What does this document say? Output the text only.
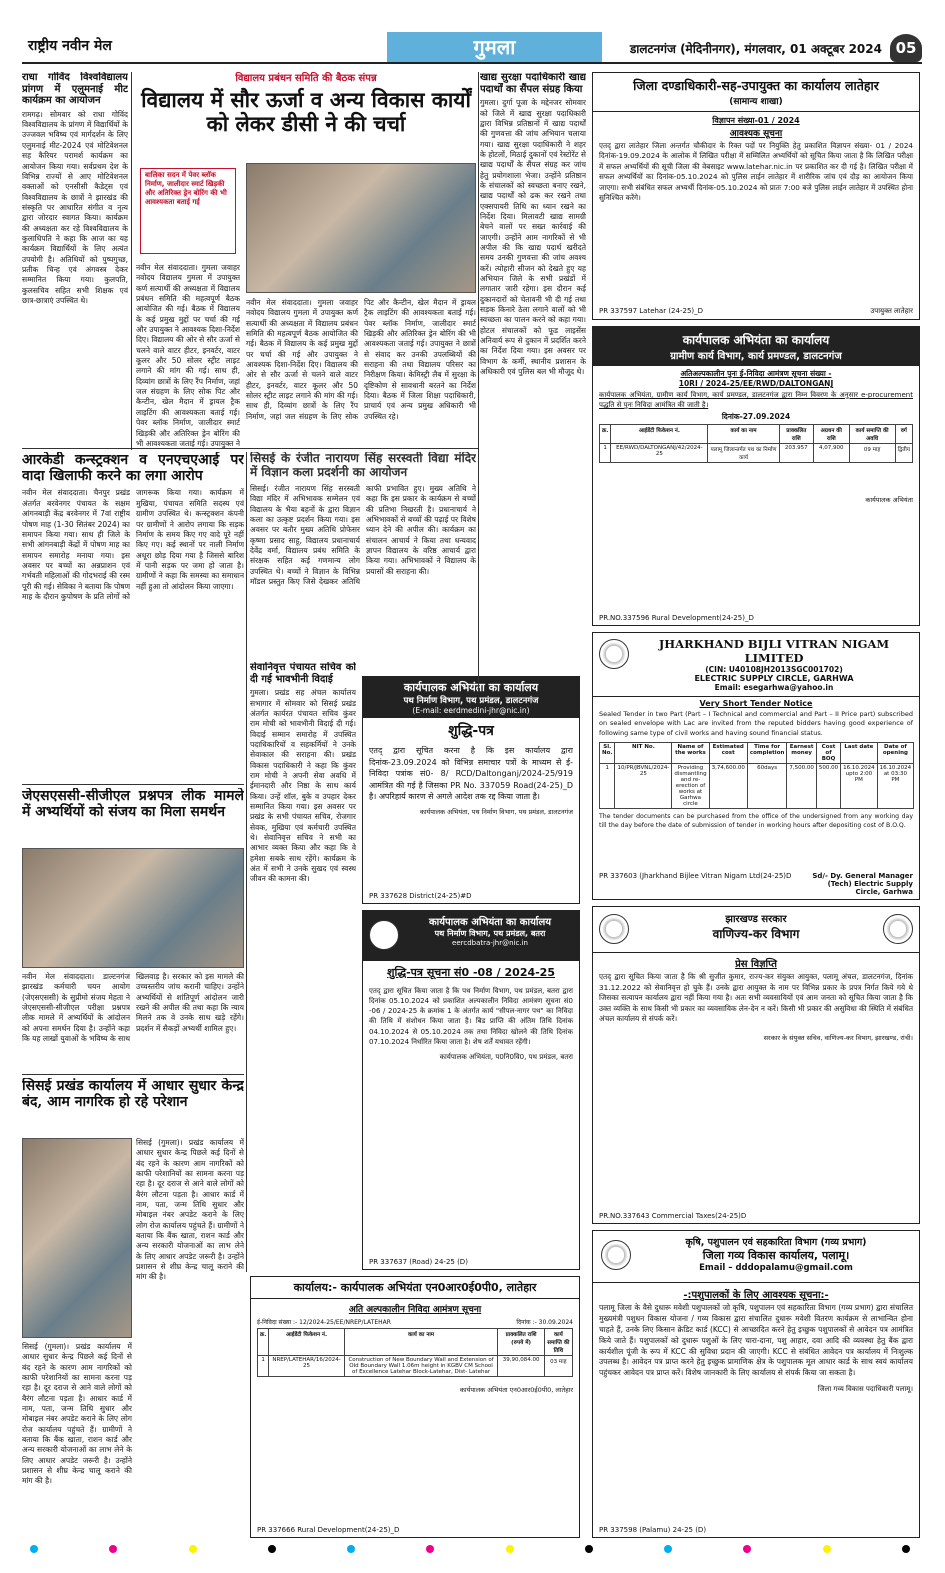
राष्ट्रीय नवीन मेल	गुमला	डालटनगंज (मेदिनीनगर), मंगलवार, 01 अक्टूबर 2024 05
राधा गोविंद विश्वविद्यालय प्रांगण में एलुमनाई मीट कार्यक्रम का आयोजन
रामगढ़। सोमवार को राधा गोविंद विश्वविद्यालय के प्रांगण में विद्यार्थियों के उज्जवल भविष्य एवं मार्गदर्शन के लिए एलुमनाई मीट-2024 एवं मोटिवेशनल सह कैरियर परामर्श कार्यक्रम का आयोजन किया गया। सर्वप्रथम देश के विभिन्न राज्यों से आए मोटिवेशनल वक्ताओं को एनसीसी कैडेट्स एवं विश्वविद्यालय के छात्रों ने झारखंड की संस्कृति पर आधारित संगीत व नृत्य द्वारा जोरदार स्वागत किया। कार्यक्रम की अध्यक्षता कर रहे विश्वविद्यालय के कुलाधिपति ने कहा कि आज का यह कार्यक्रम विद्यार्थियों के लिए अत्यंत उपयोगी है। अतिथियों को पुष्पगुच्छ, प्रतीक चिन्ह एवं अंगवस्त्र देकर सम्मानित किया गया। कुलपति, कुलसचिव सहित सभी शिक्षक एवं छात्र-छात्राएं उपस्थित थे।
विद्यालय प्रबंधन समिति की बैठक संपन्न
विद्यालय में सौर ऊर्जा व अन्य विकास कार्यों को लेकर डीसी ने की चर्चा
नवीन मेल संवाददाता। गुमला जवाहर नवोदय विद्यालय गुमला में उपायुक्त कर्ण सत्यार्थी की अध्यक्षता में विद्यालय प्रबंधन समिति की महत्वपूर्ण बैठक आयोजित की गई। बैठक में विद्यालय के कई प्रमुख मुद्दों पर चर्चा की गई और उपायुक्त ने आवश्यक दिशा-निर्देश दिए। विद्यालय की ओर से सौर ऊर्जा से चलने वाले वाटर हीटर, इनवर्टर, वाटर कूलर और 50 सोलर स्ट्रीट लाइट लगाने की मांग की गई। साथ ही, दिव्यांग छात्रों के लिए रैंप निर्माण, जहां जल संग्रहण के लिए सोक पिट और कैन्टीन, खेल मैदान में ड्रायल ट्रैक लाइटिंग की आवश्यकता बताई गई। पेवर ब्लॉक निर्माण, जालीदार स्मार्ट खिड़की और अतिरिक्त ड्रेन बोरिंग की भी आवश्यकता जताई गई। उपायुक्त ने
बालिका सदन में पेवर ब्लॉक निर्माण, जालीदार स्मार्ट खिड़की और अतिरिक्त ड्रेन बोरिंग की भी आवश्यकता बताई गई
नवीन मेल संवाददाता। गुमला जवाहर नवोदय विद्यालय गुमला में उपायुक्त कर्ण सत्यार्थी की अध्यक्षता में विद्यालय प्रबंधन समिति की महत्वपूर्ण बैठक आयोजित की गई। बैठक में विद्यालय के कई प्रमुख मुद्दों पर चर्चा की गई और उपायुक्त ने आवश्यक दिशा-निर्देश दिए। विद्यालय की ओर से सौर ऊर्जा से चलने वाले वाटर हीटर, इनवर्टर, वाटर कूलर और 50 सोलर स्ट्रीट लाइट लगाने की मांग की गई। साथ ही, दिव्यांग छात्रों के लिए रैंप निर्माण, जहां जल संग्रहण के लिए सोक पिट और कैन्टीन, खेल मैदान में ड्रायल ट्रैक लाइटिंग की आवश्यकता बताई गई। पेवर ब्लॉक निर्माण, जालीदार स्मार्ट खिड़की और अतिरिक्त ड्रेन बोरिंग की भी आवश्यकता जताई गई। उपायुक्त ने छात्रों से संवाद कर उनकी उपलब्धियों की सराहना की तथा विद्यालय परिसर का निरीक्षण किया। केमिस्ट्री लैब में सुरक्षा के दृष्टिकोण से सावधानी बरतने का निर्देश दिया। बैठक में जिला शिक्षा पदाधिकारी, प्राचार्य एवं अन्य प्रमुख अधिकारी भी उपस्थित रहे।
खाद्य सुरक्षा पदाधिकारी खाद्य पदार्थों का सैंपल संग्रह किया
गुमला। दुर्गा पूजा के मद्देनजर सोमवार को जिले में खाद्य सुरक्षा पदाधिकारी द्वारा विभिन्न प्रतिष्ठानों में खाद्य पदार्थों की गुणवत्ता की जांच अभियान चलाया गया। खाद्य सुरक्षा पदाधिकारी ने शहर के होटलों, मिठाई दुकानों एवं रेस्टोरेंट से खाद्य पदार्थों के सैंपल संग्रह कर जांच हेतु प्रयोगशाला भेजा। उन्होंने प्रतिष्ठान के संचालकों को स्वच्छता बनाए रखने, खाद्य पदार्थों को ढक कर रखने तथा एक्सपायरी तिथि का ध्यान रखने का निर्देश दिया। मिलावटी खाद्य सामग्री बेचने वालों पर सख्त कार्रवाई की जाएगी। उन्होंने आम नागरिकों से भी अपील की कि खाद्य पदार्थ खरीदते समय उनकी गुणवत्ता की जांच अवश्य करें। त्योहारी सीजन को देखते हुए यह अभियान जिले के सभी प्रखंडों में लगातार जारी रहेगा। इस दौरान कई दुकानदारों को चेतावनी भी दी गई तथा सड़क किनारे ठेला लगाने वालों को भी स्वच्छता का पालन करने को कहा गया। होटल संचालकों को फूड लाइसेंस अनिवार्य रूप से दुकान में प्रदर्शित करने का निर्देश दिया गया। इस अवसर पर विभाग के कर्मी, स्थानीय प्रशासन के अधिकारी एवं पुलिस बल भी मौजूद थे।
आरकेडी कन्स्ट्रक्शन व एनएचएआई पर वादा खिलाफी करने का लगा आरोप
नवीन मेल संवाददाता। चैनपुर प्रखंड अंतर्गत बरवेनगर पंचायत के सक्षम आंगनबाड़ी केंद्र बरवेनगर में 7वां राष्ट्रीय पोषण माह (1-30 सितंबर 2024) का समापन किया गया। साथ ही जिले के सभी आंगनबाड़ी केंद्रों में पोषण माह का समापन समारोह मनाया गया। इस अवसर पर बच्चों का अन्नप्राशन एवं गर्भवती महिलाओं की गोदभराई की रस्म पूरी की गई। सेविका ने बताया कि पोषण माह के दौरान कुपोषण के प्रति लोगों को जागरूक किया गया। कार्यक्रम में मुखिया, पंचायत समिति सदस्य एवं ग्रामीण उपस्थित थे। कन्स्ट्रक्शन कंपनी पर ग्रामीणों ने आरोप लगाया कि सड़क निर्माण के समय किए गए वादे पूरे नहीं किए गए। कई स्थानों पर नाली निर्माण अधूरा छोड़ दिया गया है जिससे बारिश में पानी सड़क पर जमा हो जाता है। ग्रामीणों ने कहा कि समस्या का समाधान नहीं हुआ तो आंदोलन किया जाएगा।
सिसई के रंजीत नारायण सिंह सरस्वती विद्या मंदिर में विज्ञान कला प्रदर्शनी का आयोजन
सिसई। रंजीत नारायण सिंह सरस्वती विद्या मंदिर में अभिभावक सम्मेलन एवं विद्यालय के भैया बहनों के द्वारा विज्ञान कला का उत्कृष्ट प्रदर्शन किया गया। इस अवसर पर बतौर मुख्य अतिथि प्रोफेसर कृष्णा प्रसाद साहू, विद्यालय प्रधानाचार्य देवेंद्र वर्मा, विद्यालय प्रबंध समिति के संरक्षक सहित कई गणमान्य लोग उपस्थित थे। बच्चों ने विज्ञान के विभिन्न मॉडल प्रस्तुत किए जिसे देखकर अतिथि काफी प्रभावित हुए। मुख्य अतिथि ने कहा कि इस प्रकार के कार्यक्रम से बच्चों की प्रतिभा निखरती है। प्रधानाचार्य ने अभिभावकों से बच्चों की पढ़ाई पर विशेष ध्यान देने की अपील की। कार्यक्रम का संचालन आचार्य ने किया तथा धन्यवाद ज्ञापन विद्यालय के वरिष्ठ आचार्य द्वारा किया गया। अभिभावकों ने विद्यालय के प्रयासों की सराहना की।
सेवानिवृत्त पंचायत सचिव को दी गई भावभीनी विदाई
गुमला। प्रखंड सह अंचल कार्यालय सभागार में सोमवार को सिसई प्रखंड अंतर्गत कार्यरत पंचायत सचिव कुंवर राम मोची को भावभीनी विदाई दी गई। विदाई सम्मान समारोह में उपस्थित पदाधिकारियों व सहकर्मियों ने उनके सेवाकाल की सराहना की। प्रखंड विकास पदाधिकारी ने कहा कि कुंवर राम मोची ने अपनी सेवा अवधि में ईमानदारी और निष्ठा के साथ कार्य किया। उन्हें शॉल, बुके व उपहार देकर सम्मानित किया गया। इस अवसर पर प्रखंड के सभी पंचायत सचिव, रोजगार सेवक, मुखिया एवं कर्मचारी उपस्थित थे। सेवानिवृत्त सचिव ने सभी का आभार व्यक्त किया और कहा कि वे हमेशा सबके साथ रहेंगे। कार्यक्रम के अंत में सभी ने उनके सुखद एवं स्वस्थ जीवन की कामना की।
जेएसएससी-सीजीएल प्रश्नपत्र लीक मामले में अभ्यर्थियों को संजय का मिला समर्थन
नवीन मेल संवाददाता। डाल्टनगंज झारखंड कर्मचारी चयन आयोग (जेएसएससी) के सुप्रीमो संजय मेहता ने जेएसएससी-सीजीएल परीक्षा प्रश्नपत्र लीक मामले में अभ्यर्थियों के आंदोलन को अपना समर्थन दिया है। उन्होंने कहा कि यह लाखों युवाओं के भविष्य के साथ खिलवाड़ है। सरकार को इस मामले की उच्चस्तरीय जांच करानी चाहिए। उन्होंने अभ्यर्थियों से शांतिपूर्ण आंदोलन जारी रखने की अपील की तथा कहा कि न्याय मिलने तक वे उनके साथ खड़े रहेंगे। प्रदर्शन में सैकड़ों अभ्यर्थी शामिल हुए।
सिसई प्रखंड कार्यालय में आधार सुधार केन्द्र बंद, आम नागरिक हो रहे परेशान
सिसई (गुमला)। प्रखंड कार्यालय में आधार सुधार केन्द्र पिछले कई दिनों से बंद रहने के कारण आम नागरिकों को काफी परेशानियों का सामना करना पड़ रहा है। दूर दराज से आने वाले लोगों को बैरंग लौटना पड़ता है। आधार कार्ड में नाम, पता, जन्म तिथि सुधार और मोबाइल नंबर अपडेट कराने के लिए लोग रोज कार्यालय पहुंचते हैं। ग्रामीणों ने बताया कि बैंक खाता, राशन कार्ड और अन्य सरकारी योजनाओं का लाभ लेने के लिए आधार अपडेट जरूरी है। उन्होंने प्रशासन से शीघ्र केन्द्र चालू कराने की मांग की है।
सिसई (गुमला)। प्रखंड कार्यालय में आधार सुधार केन्द्र पिछले कई दिनों से बंद रहने के कारण आम नागरिकों को काफी परेशानियों का सामना करना पड़ रहा है। दूर दराज से आने वाले लोगों को बैरंग लौटना पड़ता है। आधार कार्ड में नाम, पता, जन्म तिथि सुधार और मोबाइल नंबर अपडेट कराने के लिए लोग रोज कार्यालय पहुंचते हैं। ग्रामीणों ने बताया कि बैंक खाता, राशन कार्ड और अन्य सरकारी योजनाओं का लाभ लेने के लिए आधार अपडेट जरूरी है। उन्होंने प्रशासन से शीघ्र केन्द्र चालू कराने की मांग की है।
कार्यपालक अभियंता का कार्यालय
पथ निर्माण विभाग, पथ प्रमंडल, डालटनगंज
(E-mail: eerdmedini-jhr@nic.in)
शुद्धि-पत्र
एतद् द्वारा सूचित करना है कि इस कार्यालय द्वारा दिनांक-23.09.2024 को विभिन्न समाचार पत्रों के माध्यम से ई-निविदा पत्रांक सं0- 8/ RCD/Daltonganj/2024-25/919 आमंत्रित की गई है जिसका PR No. 337059 Road(24-25)_D है। अपरिहार्य कारण से अगले आदेश तक रद्द किया जाता है।
कार्यपालक अभियंता, पथ निर्माण विभाग, पथ प्रमंडल, डालटनगंज
PR 337628 District(24-25)#D
कार्यपालक अभियंता का कार्यालय
पथ निर्माण विभाग, पथ प्रमंडल, बतरा
eercdbatra-jhr@nic.in
शुद्धि-पत्र सूचना सं0 -08 / 2024-25
एतद् द्वारा सूचित किया जाता है कि पथ निर्माण विभाग, पथ प्रमंडल, बतरा द्वारा दिनांक 05.10.2024 को प्रकाशित अल्पकालीन निविदा आमंत्रण सूचना सं0 -06 / 2024-25 के क्रमांक 1 के अंतर्गत कार्य "सीपल-नागर पथ" का निविदा की तिथि में संशोधन किया जाता है। बिड प्राप्ति की अंतिम तिथि दिनांक 04.10.2024 से 05.10.2024 तक तथा निविदा खोलने की तिथि दिनांक 07.10.2024 निर्धारित किया जाता है। शेष शर्तें यथावत रहेंगी।
कार्यपालक अभियंता, प0नि0वि0, पथ प्रमंडल, बतरा
PR 337637 (Road) 24-25 (D)
कार्यालय:- कार्यपालक अभियंता एन0आर0ई0पी0, लातेहार
अति अल्पकालीन निविदा आमंत्रण सूचना
ई-निविदा संख्या :- 12/2024-25/EE/NREP/LATEHAR	दिनांक :- 30.09.2024
क्र.	आईडेंटी फिकेशन नं.	कार्य का नाम	प्राक्कलित राशि (रुपये में)	कार्य समाप्ति की तिथि
1	NREP/LATEHAR/16/2024-25	Construction of New Boundary Wall and Extension of Old Boundary Wall 1.06m height in KGBV CM School of Excellence Latehar Block-Latehar, Dist- Latehar	39,90,084.00	03 माह
कार्यपालक अभियंता एन0आर0ई0पी0, लातेहार
PR 337666 Rural Development(24-25)_D
जिला दण्डाधिकारी-सह-उपायुक्त का कार्यालय लातेहार
(सामान्य शाखा)
विज्ञापन संख्या-01 / 2024
आवश्यक सूचना
एतद् द्वारा लातेहार जिला अन्तर्गत चौकीदार के रिक्त पदों पर नियुक्ति हेतु प्रकाशित विज्ञापन संख्या- 01 / 2024 दिनांक-19.09.2024 के आलोक में लिखित परीक्षा में सम्मिलित अभ्यर्थियों को सूचित किया जाता है कि लिखित परीक्षा में सफल अभ्यर्थियों की सूची जिला की वेबसाइट www.latehar.nic.in पर प्रकाशित कर दी गई है। लिखित परीक्षा में सफल अभ्यर्थियों का दिनांक-05.10.2024 को पुलिस लाईन लातेहार में शारीरिक जांच एवं दौड़ का आयोजन किया जाएगा। सभी संबंधित सफल अभ्यर्थी दिनांक-05.10.2024 को प्रातः 7:00 बजे पुलिस लाईन लातेहार में उपस्थित होना सुनिश्चित करेंगे।
PR 337597 Latehar (24-25)_D	उपायुक्त लातेहार
कार्यपालक अभियंता का कार्यालय
ग्रामीण कार्य विभाग, कार्य प्रमण्डल, डालटनगंज
अतिअल्पकालीन पुनः ई-निविदा आमंत्रण सूचना संख्या -
10RI / 2024-25/EE/RWD/DALTONGANJ
कार्यपालक अभियंता, ग्रामीण कार्य विभाग, कार्य प्रमण्डल, डालटनगंज द्वारा निम्न विवरण के अनुसार e-procurement पद्धति से पुनः निविदा आमंत्रित की जाती है।
दिनांक-27.09.2024
क्र.	आईडेंटी फिकेशन नं.	कार्य का नाम	प्राक्कलित राशि	अग्रधन की राशि	कार्य समाप्ति की अवधि	वर्ग
1	EE/RWD/DALTONGANJ/42/2024-25	पलामू जिलान्तर्गत पथ का निर्माण कार्य	203.957	4,07,900	09 माह	द्वितीय
कार्यपालक अभियंता
PR.NO.337596 Rural Development(24-25)_D
JHARKHAND BIJLI VITRAN NIGAM LIMITED
(CIN: U40108JH2013SGC001702)
ELECTRIC SUPPLY CIRCLE, GARHWA
Email: esegarhwa@yahoo.in
Very Short Tender Notice
Sealed Tender in two Part (Part – I Technical and commercial and Part – II Price part) subscribed on sealed envelope with Lac are invited from the reputed bidders having good experience of following same type of civil works and having sound financial status.
Sl. No.	NIT No.	Name of the works	Estimated cost	Time for completion	Earnest money	Cost of BOQ	Last date	Date of opening
1	10/PR/JBVNL/2024-25	Providing dismantling and re-erection of works at Garhwa circle	3,74,600.00	60days	7,500.00	500.00	16.10.2024 upto 2:00 PM	16.10.2024 at 03:30 PM
The tender documents can be purchased from the office of the undersigned from any working day till the day before the date of submission of tender in working hours after depositing cost of B.O.Q.
PR 337603 (Jharkhand Bijlee Vitran Nigam Ltd(24-25)D	Sd/- Dy. General Manager (Tech) Electric Supply Circle, Garhwa
झारखण्ड सरकार
वाणिज्य-कर विभाग
प्रेस विज्ञप्ति
एतद् द्वारा सूचित किया जाता है कि श्री सुजीत कुमार, राज्य-कर संयुक्त आयुक्त, पलामू अंचल, डालटनगंज, दिनांक 31.12.2022 को सेवानिवृत्त हो चुके हैं। उनके द्वारा आयुक्त के नाम पर विभिन्न प्रकार के प्रपत्र निर्गत किये गये थे जिसका सत्यापन कार्यालय द्वारा नहीं किया गया है। अतः सभी व्यवसायियों एवं आम जनता को सूचित किया जाता है कि उक्त व्यक्ति के साथ किसी भी प्रकार का व्यवसायिक लेन-देन न करें। किसी भी प्रकार की असुविधा की स्थिति में संबंधित अंचल कार्यालय से संपर्क करें।
सरकार के संयुक्त सचिव, वाणिज्य-कर विभाग, झारखण्ड, रांची।
PR.NO.337643 Commercial Taxes(24-25)D
कृषि, पशुपालन एवं सहकारिता विभाग (गव्य प्रभाग)
जिला गव्य विकास कार्यालय, पलामू।
Email – dddopalamu@gmail.com
-:पशुपालकों के लिए आवश्यक सूचना:-
पलामू जिला के वैसे दुधारू मवेशी पशुपालकों जो कृषि, पशुपालन एवं सहकारिता विभाग (गव्य प्रभाग) द्वारा संचालित मुख्यमंत्री पशुधन विकास योजना / गव्य विकास द्वारा संचालित दुधारू मवेशी वितरण कार्यक्रम से लाभान्वित होना चाहते हैं, उनके लिए किसान क्रेडिट कार्ड (KCC) से आच्छादित करने हेतु इच्छुक पशुपालकों से आवेदन पत्र आमंत्रित किये जाते हैं। पशुपालकों को दुधारू पशुओं के लिए चारा-दाना, पशु आहार, दवा आदि की व्यवस्था हेतु बैंक द्वारा कार्यशील पूंजी के रूप में KCC की सुविधा प्रदान की जाएगी। KCC से संबंधित आवेदन पत्र कार्यालय में निःशुल्क उपलब्ध है। आवेदन पत्र प्राप्त करने हेतु इच्छुक प्रामाणिक क्षेत्र के पशुपालक मूल आधार कार्ड के साथ स्वयं कार्यालय पहुंचकर आवेदन पत्र प्राप्त करें। विशेष जानकारी के लिए कार्यालय से संपर्क किया जा सकता है।
जिला गव्य विकास पदाधिकारी पलामू।
PR 337598 (Palamu) 24-25 (D)
